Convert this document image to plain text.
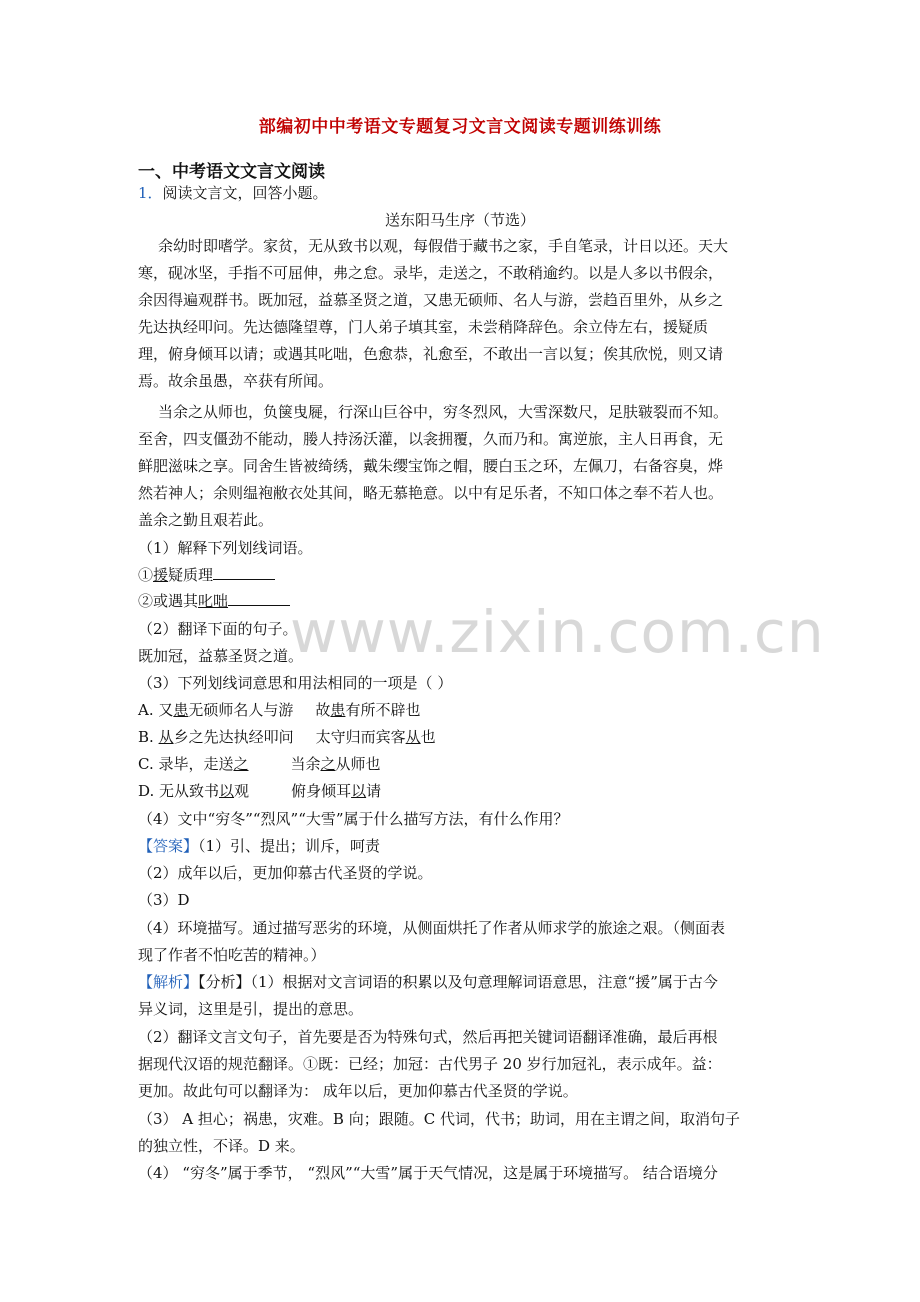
www.zixin.com.cn
部编初中中考语文专题复习文言文阅读专题训练训练
一、中考语文文言文阅读
1．阅读文言文，回答小题。
送东阳马生序（节选）
余幼时即嗜学。家贫，无从致书以观，每假借于藏书之家，手自笔录，计日以还。天大
寒，砚冰坚，手指不可屈伸，弗之怠。录毕，走送之，不敢稍逾约。以是人多以书假余，
余因得遍观群书。既加冠，益慕圣贤之道，又患无硕师、名人与游，尝趋百里外，从乡之
先达执经叩问。先达德隆望尊，门人弟子填其室，未尝稍降辞色。余立侍左右，援疑质
理，俯身倾耳以请；或遇其叱咄，色愈恭，礼愈至，不敢出一言以复；俟其欣悦，则又请
焉。故余虽愚，卒获有所闻。
当余之从师也，负箧曳屣，行深山巨谷中，穷冬烈风，大雪深数尺，足肤皲裂而不知。
至舍，四支僵劲不能动，媵人持汤沃灌，以衾拥覆，久而乃和。寓逆旅，主人日再食，无
鲜肥滋味之享。同舍生皆被绮绣，戴朱缨宝饰之帽，腰白玉之环，左佩刀，右备容臭，烨
然若神人；余则缊袍敝衣处其间，略无慕艳意。以中有足乐者，不知口体之奉不若人也。
盖余之勤且艰若此。
（1）解释下列划线词语。
①援疑质理
②或遇其叱咄
（2）翻译下面的句子。
既加冠，益慕圣贤之道。
（3）下列划线词意思和用法相同的一项是（ ）
A. 又患无硕师名人与游 故患有所不辟也
B. 从乡之先达执经叩问 太守归而宾客从也
C. 录毕，走送之	当余之从师也
D. 无从致书以观	俯身倾耳以请
（4）文中“穷冬”“烈风”“大雪”属于什么描写方法，有什么作用？
【答案】（1）引、提出；训斥，呵责
（2）成年以后，更加仰慕古代圣贤的学说。
（3）D
（4）环境描写。通过描写恶劣的环境，从侧面烘托了作者从师求学的旅途之艰。（侧面表
现了作者不怕吃苦的精神。）
【解析】【分析】（1）根据对文言词语的积累以及句意理解词语意思，注意“援”属于古今
异义词，这里是引，提出的意思。
（2）翻译文言文句子，首先要是否为特殊句式，然后再把关键词语翻译准确，最后再根
据现代汉语的规范翻译。①既：已经；加冠：古代男子 20 岁行加冠礼，表示成年。益：
更加。故此句可以翻译为： 成年以后，更加仰慕古代圣贤的学说。
（3） A 担心；祸患，灾难。B 向；跟随。C 代词，代书；助词，用在主谓之间，取消句子
的独立性，不译。D 来。
（4） “穷冬”属于季节， “烈风”“大雪”属于天气情况，这是属于环境描写。 结合语境分
